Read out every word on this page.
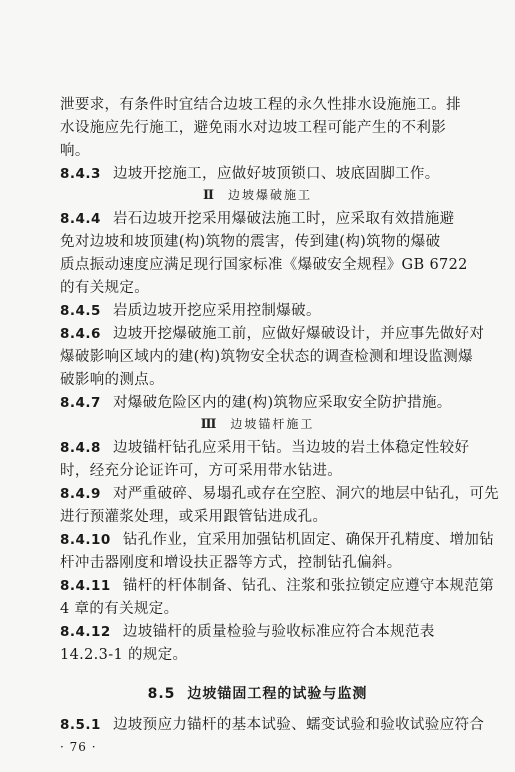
泄要求，有条件时宜结合边坡工程的永久性排水设施施工。排
水设施应先行施工，避免雨水对边坡工程可能产生的不利影
响。
8.4.3 边坡开挖施工，应做好坡顶锁口、坡底固脚工作。
Ⅱ 边坡爆破施工
8.4.4 岩石边坡开挖采用爆破法施工时，应采取有效措施避
免对边坡和坡顶建(构)筑物的震害，传到建(构)筑物的爆破
质点振动速度应满足现行国家标准《爆破安全规程》GB 6722
的有关规定。
8.4.5 岩质边坡开挖应采用控制爆破。
8.4.6 边坡开挖爆破施工前，应做好爆破设计，并应事先做好对
爆破影响区域内的建(构)筑物安全状态的调查检测和埋设监测爆
破影响的测点。
8.4.7 对爆破危险区内的建(构)筑物应采取安全防护措施。
Ⅲ 边坡锚杆施工
8.4.8 边坡锚杆钻孔应采用干钻。当边坡的岩土体稳定性较好
时，经充分论证许可，方可采用带水钻进。
8.4.9 对严重破碎、易塌孔或存在空腔、洞穴的地层中钻孔，可先
进行预灌浆处理，或采用跟管钻进成孔。
8.4.10 钻孔作业，宜采用加强钻机固定、确保开孔精度、增加钻
杆冲击器刚度和增设扶正器等方式，控制钻孔偏斜。
8.4.11 锚杆的杆体制备、钻孔、注浆和张拉锁定应遵守本规范第
4 章的有关规定。
8.4.12 边坡锚杆的质量检验与验收标准应符合本规范表
14.2.3-1 的规定。
8.5 边坡锚固工程的试验与监测
8.5.1 边坡预应力锚杆的基本试验、蠕变试验和验收试验应符合
· 76 ·
